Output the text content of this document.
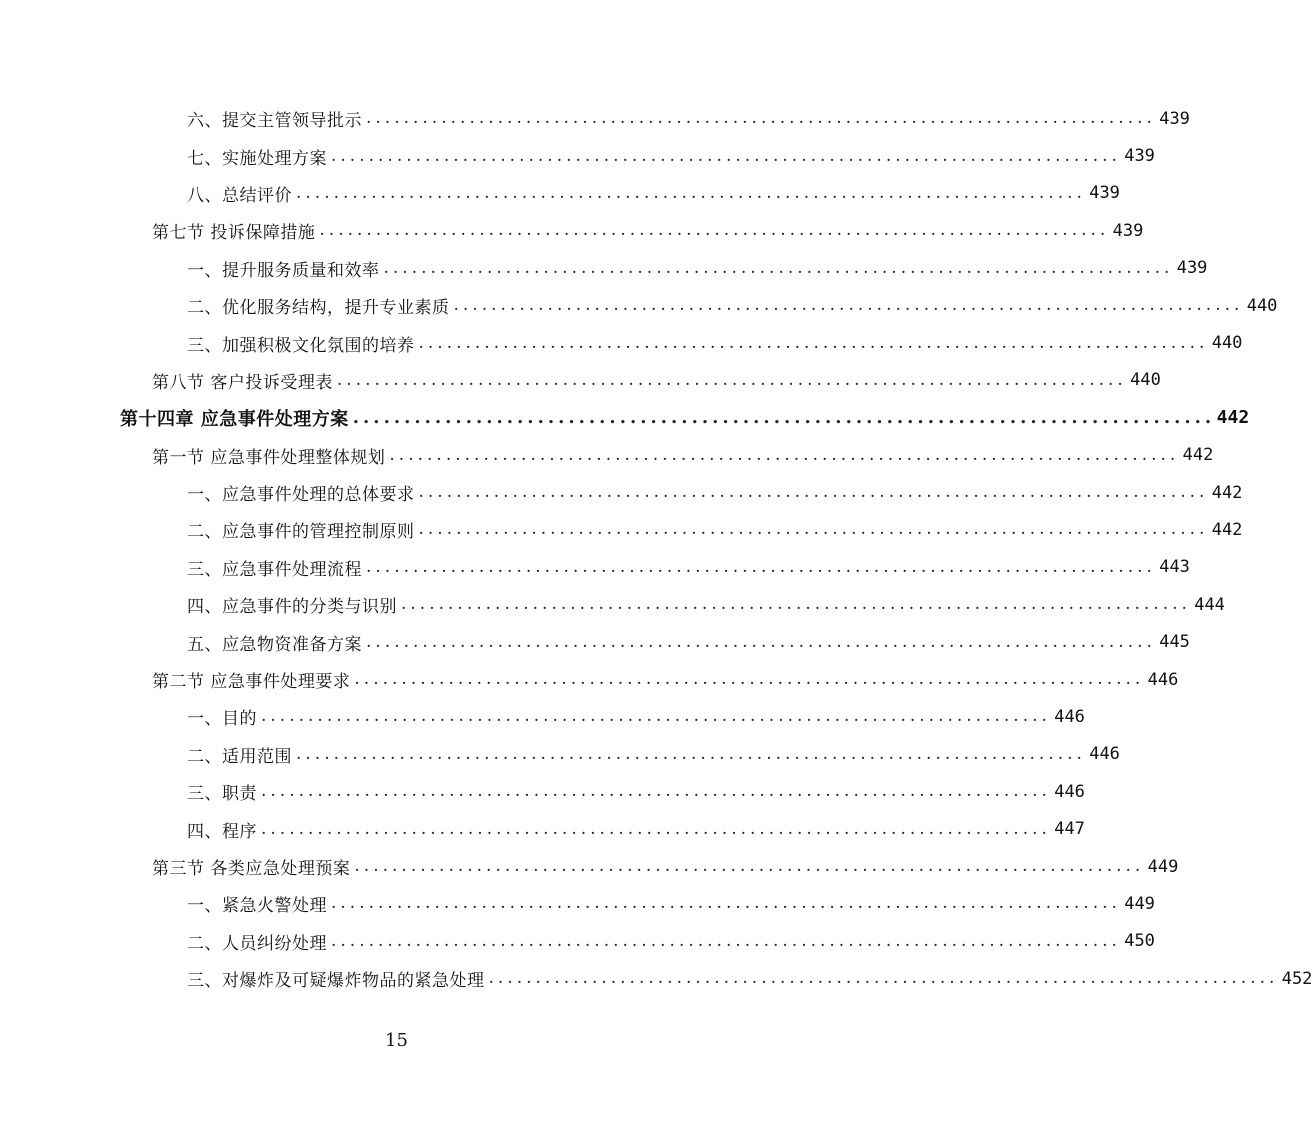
六、提交主管领导批示 .................................................................................... 439
七、实施处理方案 .................................................................................... 439
八、总结评价 .................................................................................... 439
第七节 投诉保障措施 .................................................................................... 439
一、提升服务质量和效率 .................................................................................... 439
二、优化服务结构，提升专业素质 .................................................................................... 440
三、加强积极文化氛围的培养 .................................................................................... 440
第八节 客户投诉受理表 .................................................................................... 440
第十四章 应急事件处理方案 .................................................................................... 442
第一节 应急事件处理整体规划 .................................................................................... 442
一、应急事件处理的总体要求 .................................................................................... 442
二、应急事件的管理控制原则 .................................................................................... 442
三、应急事件处理流程 .................................................................................... 443
四、应急事件的分类与识别 .................................................................................... 444
五、应急物资准备方案 .................................................................................... 445
第二节 应急事件处理要求 .................................................................................... 446
一、目的 .................................................................................... 446
二、适用范围 .................................................................................... 446
三、职责 .................................................................................... 446
四、程序 .................................................................................... 447
第三节 各类应急处理预案 .................................................................................... 449
一、紧急火警处理 .................................................................................... 449
二、人员纠纷处理 .................................................................................... 450
三、对爆炸及可疑爆炸物品的紧急处理 .................................................................................... 452
15
